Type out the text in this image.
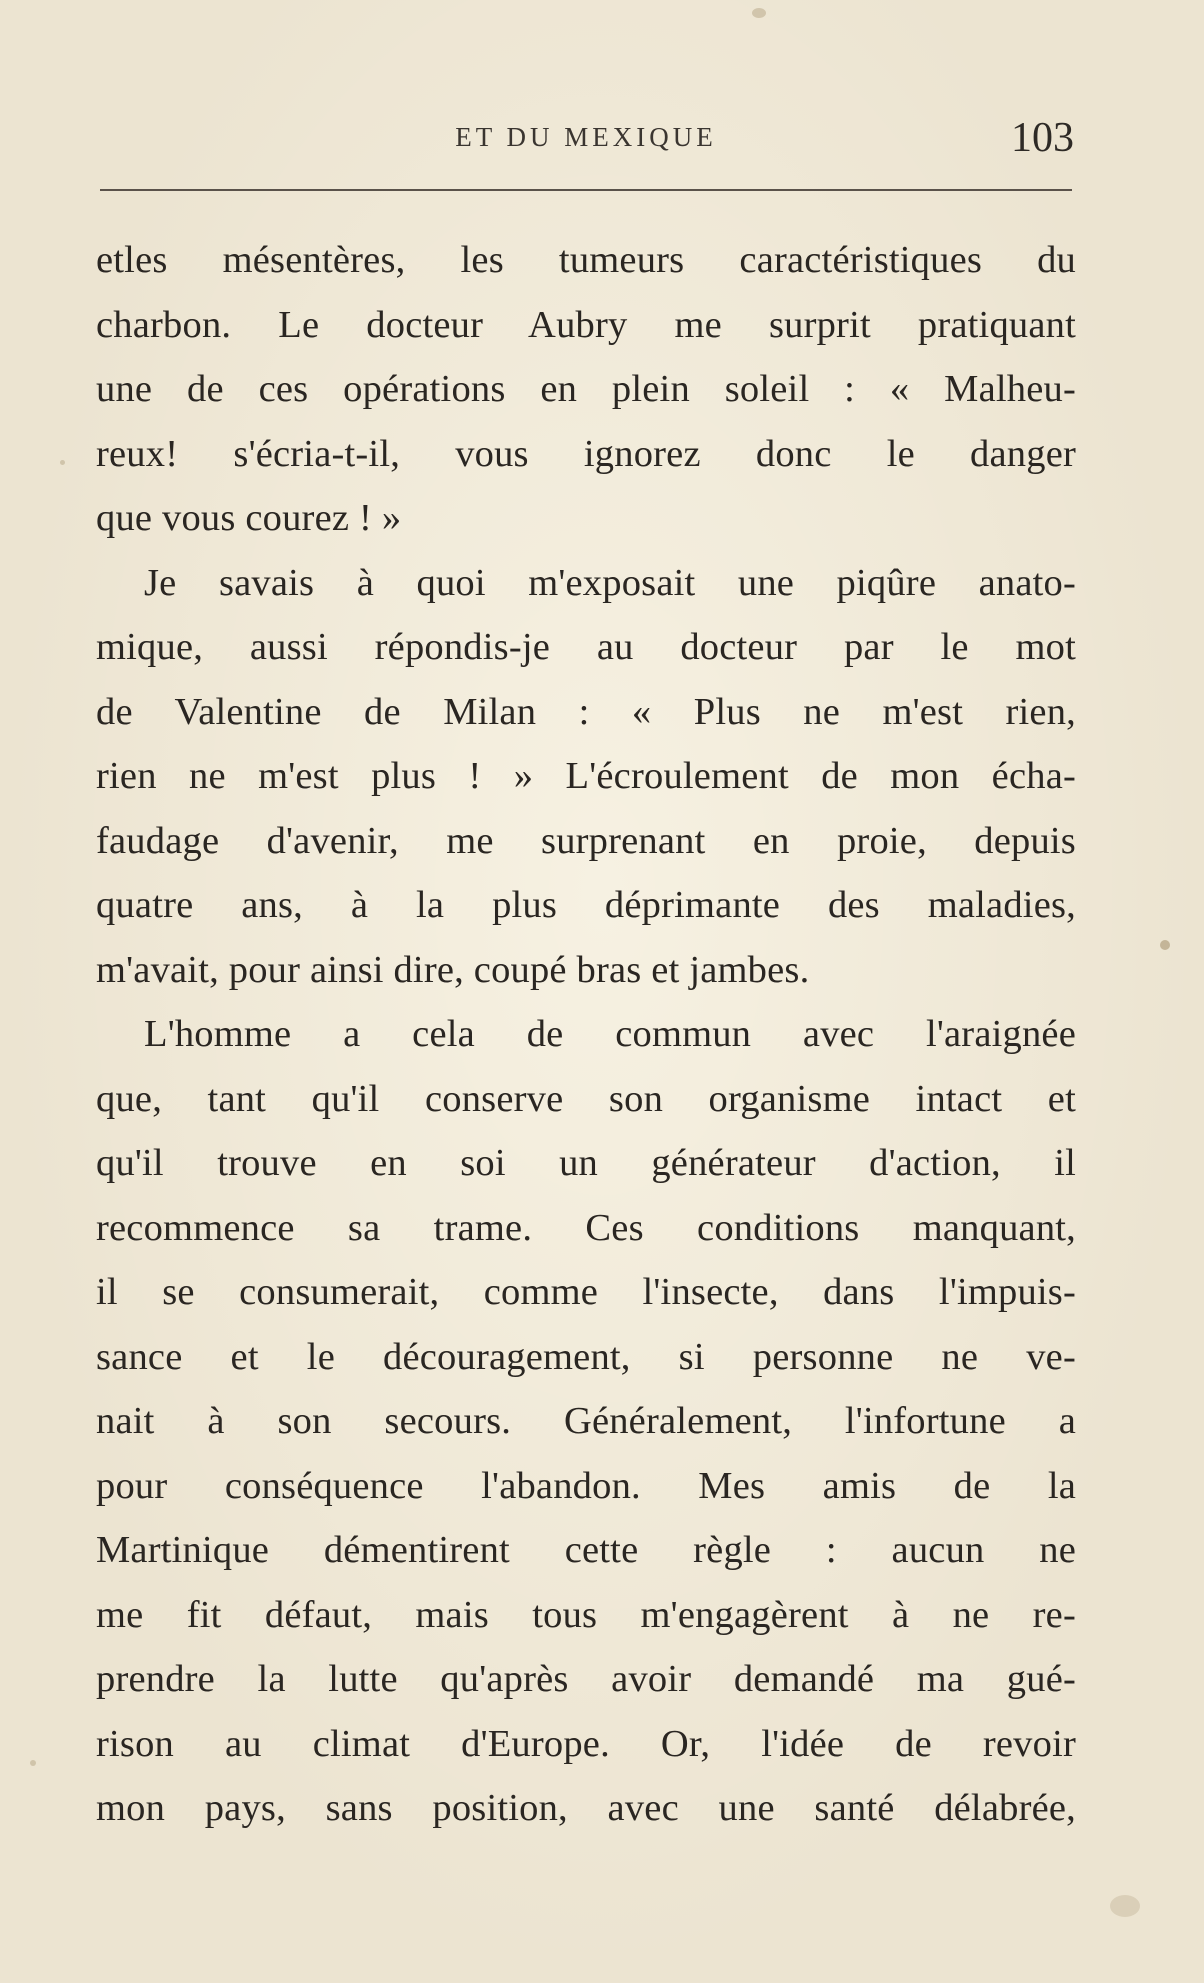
ET DU MEXIQUE	103
etles mésentères, les tumeurs caractéristiques du
charbon. Le docteur Aubry me surprit pratiquant
une de ces opérations en plein soleil : « Malheu-
reux! s'écria-t-il, vous ignorez donc le danger
que vous courez ! »
Je savais à quoi m'exposait une piqûre anato-
mique, aussi répondis-je au docteur par le mot
de Valentine de Milan : « Plus ne m'est rien,
rien ne m'est plus ! » L'écroulement de mon écha-
faudage d'avenir, me surprenant en proie, depuis
quatre ans, à la plus déprimante des maladies,
m'avait, pour ainsi dire, coupé bras et jambes.
L'homme a cela de commun avec l'araignée
que, tant qu'il conserve son organisme intact et
qu'il trouve en soi un générateur d'action, il
recommence sa trame. Ces conditions manquant,
il se consumerait, comme l'insecte, dans l'impuis-
sance et le découragement, si personne ne ve-
nait à son secours. Généralement, l'infortune a
pour conséquence l'abandon. Mes amis de la
Martinique démentirent cette règle : aucun ne
me fit défaut, mais tous m'engagèrent à ne re-
prendre la lutte qu'après avoir demandé ma gué-
rison au climat d'Europe. Or, l'idée de revoir
mon pays, sans position, avec une santé délabrée,
